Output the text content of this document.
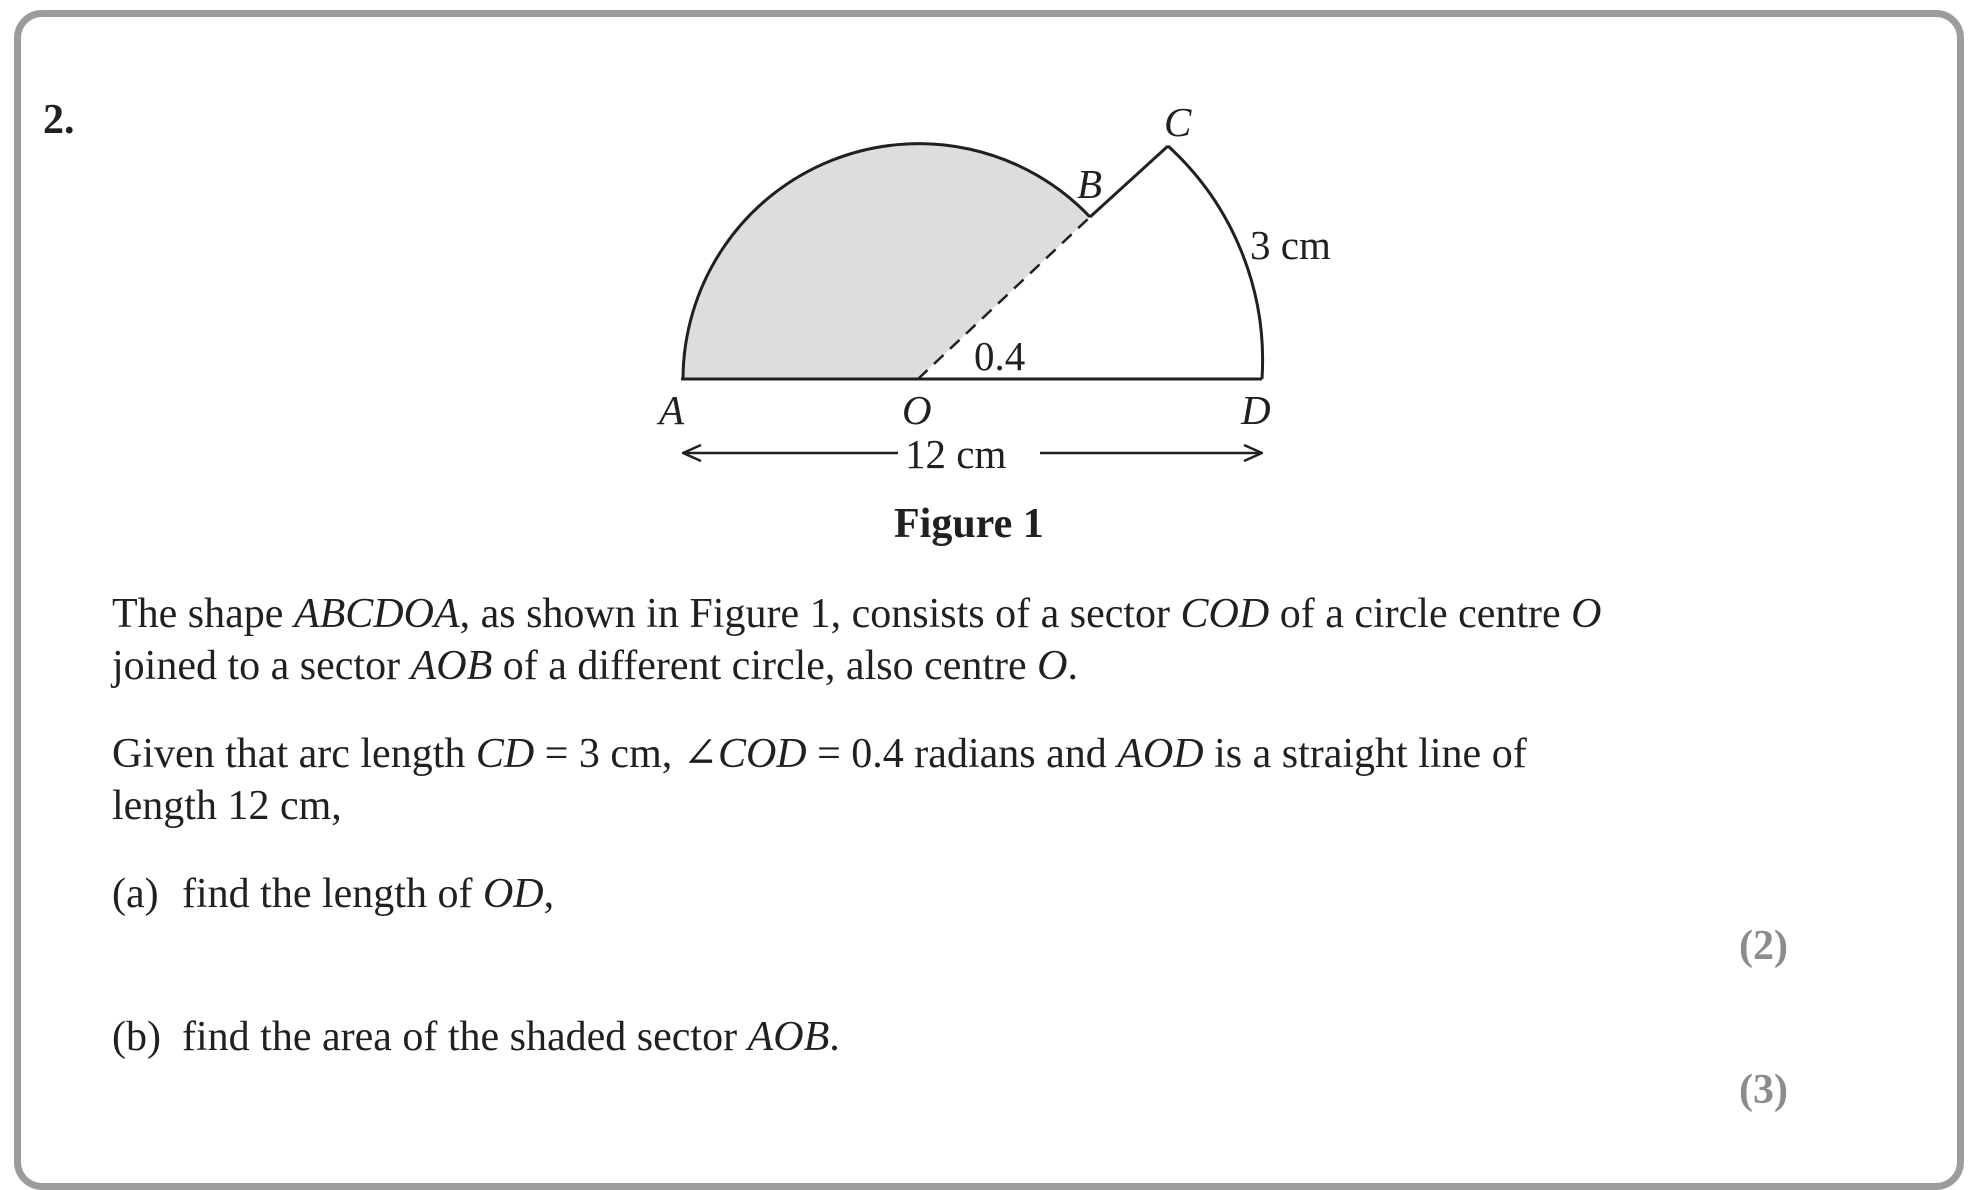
2.	C
B
A	O	D
3 cm
0.4
12 cm
Figure 1
The shape ABCDOA, as shown in Figure 1, consists of a sector COD of a circle centre O
joined to a sector AOB of a different circle, also centre O.
Given that arc length CD = 3 cm, ∠COD = 0.4 radians and AOD is a straight line of
length 12 cm,
(a) find the length of OD,
(2)
(b) find the area of the shaded sector AOB.
(3)
